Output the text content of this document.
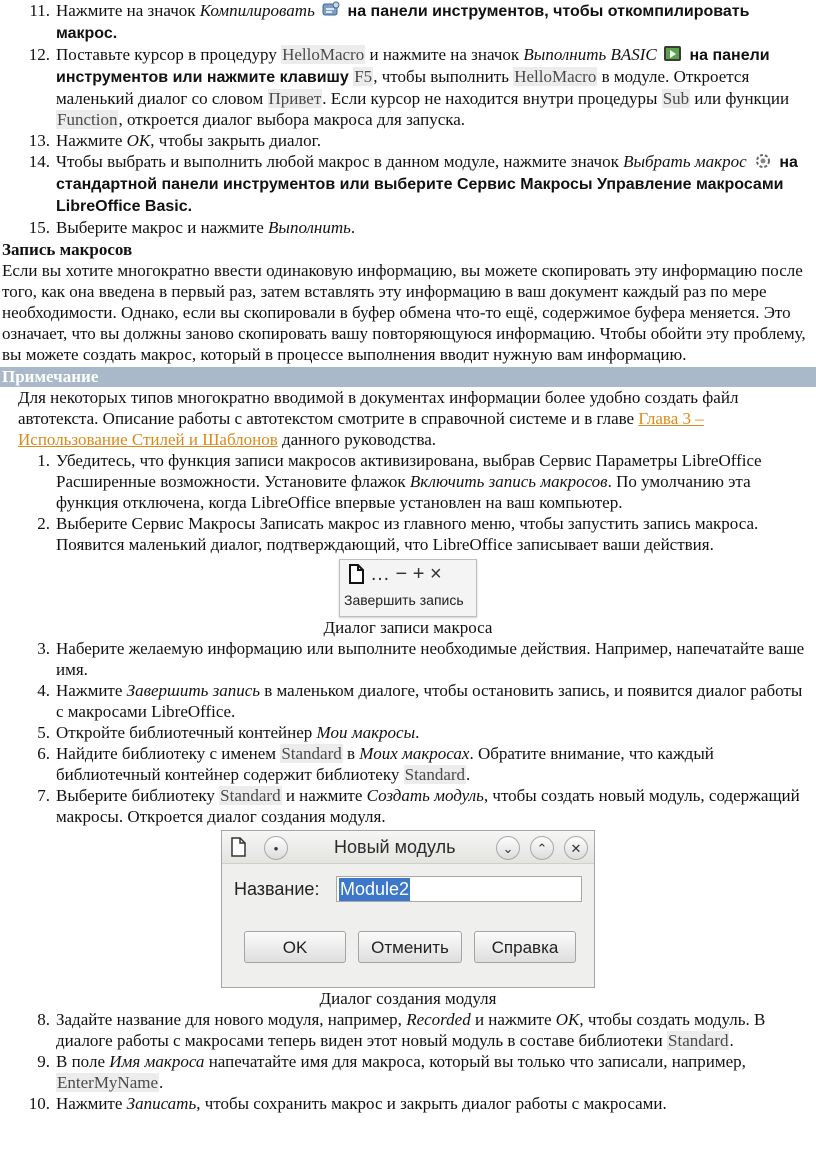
11. Нажмите на значок Компилировать  на панели инструментов, чтобы откомпилировать макрос.
12. Поставьте курсор в процедуру HelloMacro и нажмите на значок Выполнить BASIC  на панели инструментов или нажмите клавишу F5, чтобы выполнить HelloMacro в модуле. Откроется маленький диалог со словом Привет. Если курсор не находится внутри процедуры Sub или функции Function, откроется диалог выбора макроса для запуска.
13. Нажмите OK, чтобы закрыть диалог.
14. Чтобы выбрать и выполнить любой макрос в данном модуле, нажмите значок Выбрать макрос  на стандартной панели инструментов или выберите Сервис Макросы Управление макросами LibreOffice Basic.
15. Выберите макрос и нажмите Выполнить.
Запись макросов
Если вы хотите многократно ввести одинаковую информацию, вы можете скопировать эту информацию после того, как она введена в первый раз, затем вставлять эту информацию в ваш документ каждый раз по мере необходимости. Однако, если вы скопировали в буфер обмена что-то ещё, содержимое буфера меняется. Это означает, что вы должны заново скопировать вашу повторяющуюся информацию. Чтобы обойти эту проблему, вы можете создать макрос, который в процессе выполнения вводит нужную вам информацию.
Примечание
Для некоторых типов многократно вводимой в документах информации более удобно создать файл автотекста. Описание работы с автотекстом смотрите в справочной системе и в главе Глава 3 – Использование Стилей и Шаблонов данного руководства.
1. Убедитесь, что функция записи макросов активизирована, выбрав Сервис Параметры LibreOffice Расширенные возможности. Установите флажок Включить запись макросов. По умолчанию эта функция отключена, когда LibreOffice впервые установлен на ваш компьютер.
2. Выберите Сервис Макросы Записать макрос из главного меню, чтобы запустить запись макроса. Появится маленький диалог, подтверждающий, что LibreOffice записывает ваши действия.
… − + ×
Завершить запись
Диалог записи макроса
3. Наберите желаемую информацию или выполните необходимые действия. Например, напечатайте ваше имя.
4. Нажмите Завершить запись в маленьком диалоге, чтобы остановить запись, и появится диалог работы с макросами LibreOffice.
5. Откройте библиотечный контейнер Мои макросы.
6. Найдите библиотеку с именем Standard в Моих макросах. Обратите внимание, что каждый библиотечный контейнер содержит библиотеку Standard.
7. Выберите библиотеку Standard и нажмите Создать модуль, чтобы создать новый модуль, содержащий макросы. Откроется диалог создания модуля.
•	Новый модуль	⌄	⌃	✕
Название:	Module2
OK	Отменить	Справка
Диалог создания модуля
8. Задайте название для нового модуля, например, Recorded и нажмите OK, чтобы создать модуль. В диалоге работы с макросами теперь виден этот новый модуль в составе библиотеки Standard.
9. В поле Имя макроса напечатайте имя для макроса, который вы только что записали, например, EnterMyName.
10. Нажмите Записать, чтобы сохранить макрос и закрыть диалог работы с макросами.
